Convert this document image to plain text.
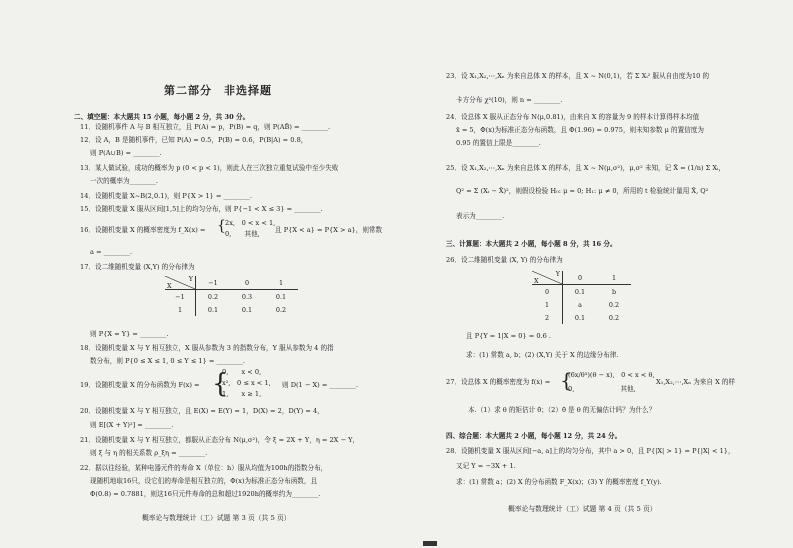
第二部分　非选择题
二、填空题：本大题共 15 小题，每小题 2 分，共 30 分。
11．设随机事件 A 与 B 相互独立，且 P(A) = p，P(B) = q，则 P(AB̄) = ________.
12．设 A，B 是随机事件，已知 P(A) = 0.5，P(B) = 0.6，P(B|A) = 0.8，
则 P(A∪B) = ________.
13．某人做试验，成功的概率为 p (0 < p < 1)，则此人在三次独立重复试验中至少失败
一次的概率为________.
14．设随机变量 X~B(2,0.1)，则 P{X > 1} = ________.
15．设随机变量 X 服从区间[1,5]上的均匀分布，则 P{−1 < X ≤ 3} = ________.
16．设随机变量 X 的概率密度为 f_X(x) = { 2x,　0 < x < 1,
0,　　其他, 且 P{X < a} = P{X > a}，则常数
a = ________.
17．设二维随机变量 (X,Y) 的分布律为
Y
X	−1	0	1
−1	0.2	0.3	0.1
1	0.1	0.1	0.2
则 P{X = Y} = ________.
18．设随机变量 X 与 Y 相互独立，X 服从参数为 3 的指数分布，Y 服从参数为 4 的指
数分布，则 P{0 ≤ X ≤ 1, 0 ≤ Y ≤ 1} = ________.
19．设随机变量 X 的分布函数为 F(x) = {
0,　　x < 0,
x²,　0 ≤ x < 1,
1,　　x ≥ 1,
则 D(1 − X) = ________.
20．设随机变量 X 与 Y 相互独立，且 E(X) = E(Y) = 1，D(X) = 2，D(Y) = 4，
则 E[(X + Y)²] = ________.
21．设随机变量 X 与 Y 相互独立，都服从正态分布 N(μ,σ²)，令 ξ = 2X + Y，η = 2X − Y，
则 ξ 与 η 的相关系数 ρ_ξη = ________.
22．据以往经验，某种电器元件的寿命 X（单位：h）服从均值为100h的指数分布，
现随机地取16只，设它们的寿命是相互独立的，Φ(x)为标准正态分布函数，且
Φ(0.8) = 0.7881，则这16只元件寿命的总和超过1920h的概率约为________.
概率论与数理统计（工）试题 第 3 页（共 5 页）
23．设 X₁,X₂,⋯,Xₙ 为来自总体 X 的样本，且 X ~ N(0,1)，若 Σ Xᵢ² 服从自由度为10 的
卡方分布 χ²(10)，则 n = ________.
24．设总体 X 服从正态分布 N(μ,0.81)，由来自 X 的容量为 9 的样本计算得样本均值
x̄ = 5，Φ(x)为标准正态分布函数，且 Φ(1.96) = 0.975，则未知参数 μ 的置信度为
0.95 的置信上限是________.
25．设 X₁,X₂,⋯,Xₙ 为来自总体 X 的样本，且 X ~ N(μ,σ²)，μ,σ² 未知，记 X̄ = (1/n) Σ Xᵢ，
Q² = Σ (Xᵢ − X̄)²，则假设检验 H₀: μ = 0; H₁: μ ≠ 0，所用的 t 检验统计量用 X̄, Q²
表示为________.
三、计算题：本大题共 2 小题，每小题 8 分，共 16 分。
26．设二维随机变量 (X, Y) 的分布律为
Y
X	0	1
0	0.1	b
1	a	0.2
2	0.1	0.2
且 P{Y = 1|X = 0} = 0.6 .
求：(1) 常数 a, b；(2) (X,Y) 关于 X 的边缘分布律.
27．设总体 X 的概率密度为 f(x) = {
(6x/θ³)(θ − x),　0 < x < θ,
0,　　　　　　　其他,
X₁,X₂,⋯,Xₙ 为来自 X 的样
本.（1）求 θ 的矩估计 θ̂；（2）θ̂ 是 θ 的无偏估计吗？为什么？
四、综合题：本大题共 2 小题，每小题 12 分，共 24 分。
28．设随机变量 X 服从区间[−a, a]上的均匀分布，其中 a > 0，且 P{|X| > 1} = P{|X| < 1}，
又记 Y = −3X + 1.
求：(1) 常数 a；(2) X 的分布函数 F_X(x)；(3) Y 的概率密度 f_Y(y).
概率论与数理统计（工）试题 第 4 页（共 5 页）
